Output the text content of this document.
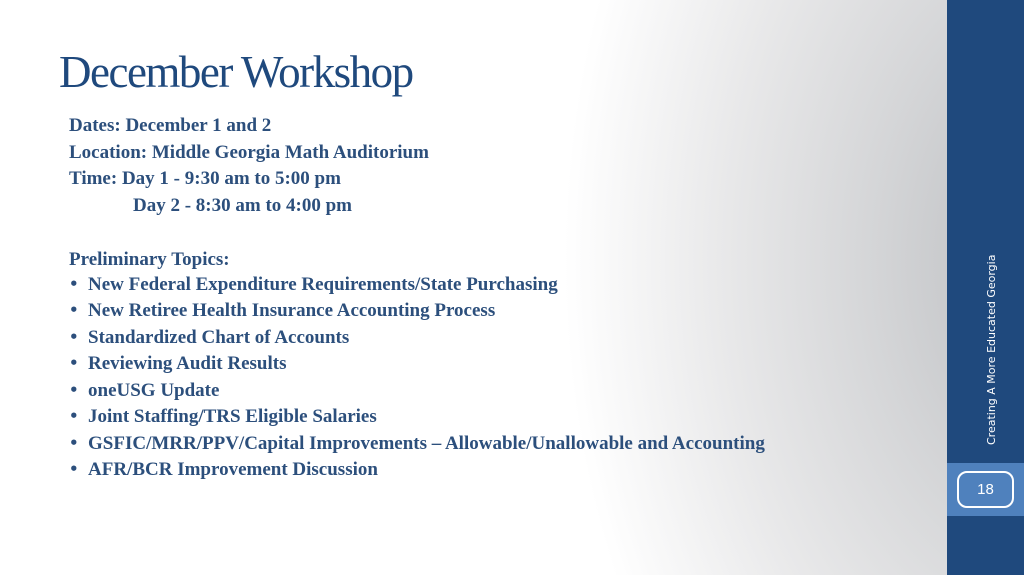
December Workshop
Dates: December 1 and 2
Location: Middle Georgia Math Auditorium
Time: Day 1 - 9:30 am to 5:00 pm
Day 2 - 8:30 am to 4:00 pm
Preliminary Topics:
• New Federal Expenditure Requirements/State Purchasing
• New Retiree Health Insurance Accounting Process
• Standardized Chart of Accounts
• Reviewing Audit Results
• oneUSG Update
• Joint Staffing/TRS Eligible Salaries
• GSFIC/MRR/PPV/Capital Improvements – Allowable/Unallowable and Accounting
• AFR/BCR Improvement Discussion
Creating A More Educated Georgia
18
